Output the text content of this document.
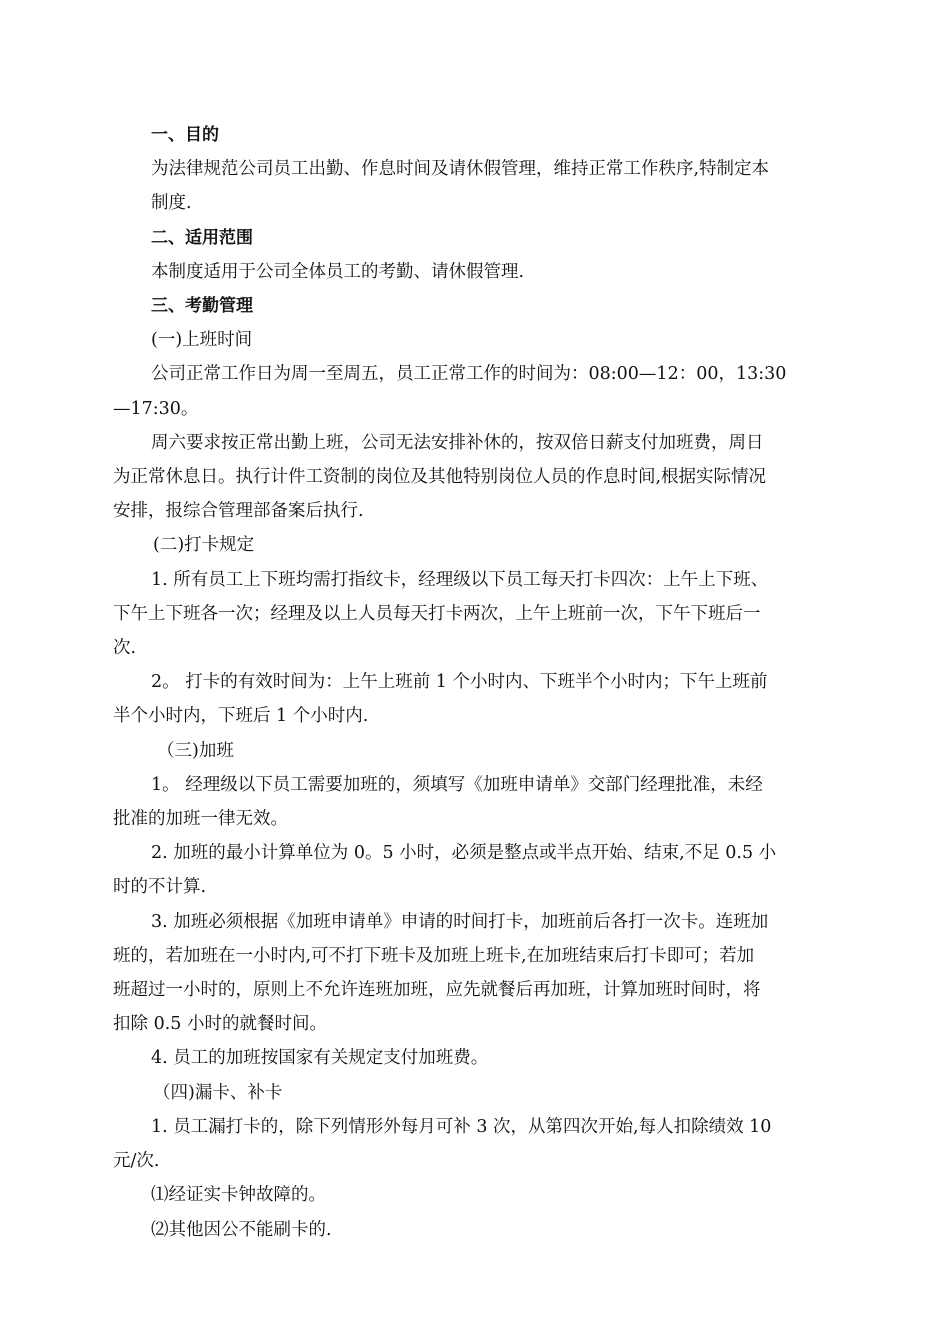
一、目的

为法律规范公司员工出勤、作息时间及请休假管理，维持正常工作秩序,特制定本

制度.

二、适用范围

本制度适用于公司全体员工的考勤、请休假管理.

三、考勤管理

(一)上班时间

公司正常工作日为周一至周五，员工正常工作的时间为：08:00—12：00，13:30

—17:30。

周六要求按正常出勤上班，公司无法安排补休的，按双倍日薪支付加班费，周日

为正常休息日。执行计件工资制的岗位及其他特别岗位人员的作息时间,根据实际情况

安排，报综合管理部备案后执行.

(二)打卡规定

1. 所有员工上下班均需打指纹卡，经理级以下员工每天打卡四次：上午上下班、

下午上下班各一次；经理及以上人员每天打卡两次，上午上班前一次，下午下班后一

次.

2。 打卡的有效时间为：上午上班前 1 个小时内、下班半个小时内；下午上班前

半个小时内，下班后 1 个小时内.

（三)加班

1。 经理级以下员工需要加班的，须填写《加班申请单》交部门经理批准，未经

批准的加班一律无效。

2. 加班的最小计算单位为 0。5 小时，必须是整点或半点开始、结束,不足 0.5 小

时的不计算.

3. 加班必须根据《加班申请单》申请的时间打卡，加班前后各打一次卡。连班加

班的，若加班在一小时内,可不打下班卡及加班上班卡,在加班结束后打卡即可；若加

班超过一小时的，原则上不允许连班加班，应先就餐后再加班，计算加班时间时，将

扣除 0.5 小时的就餐时间。

4. 员工的加班按国家有关规定支付加班费。

（四)漏卡、补卡

1. 员工漏打卡的，除下列情形外每月可补 3 次，从第四次开始,每人扣除绩效 10

元/次.

⑴经证实卡钟故障的。

⑵其他因公不能刷卡的.
